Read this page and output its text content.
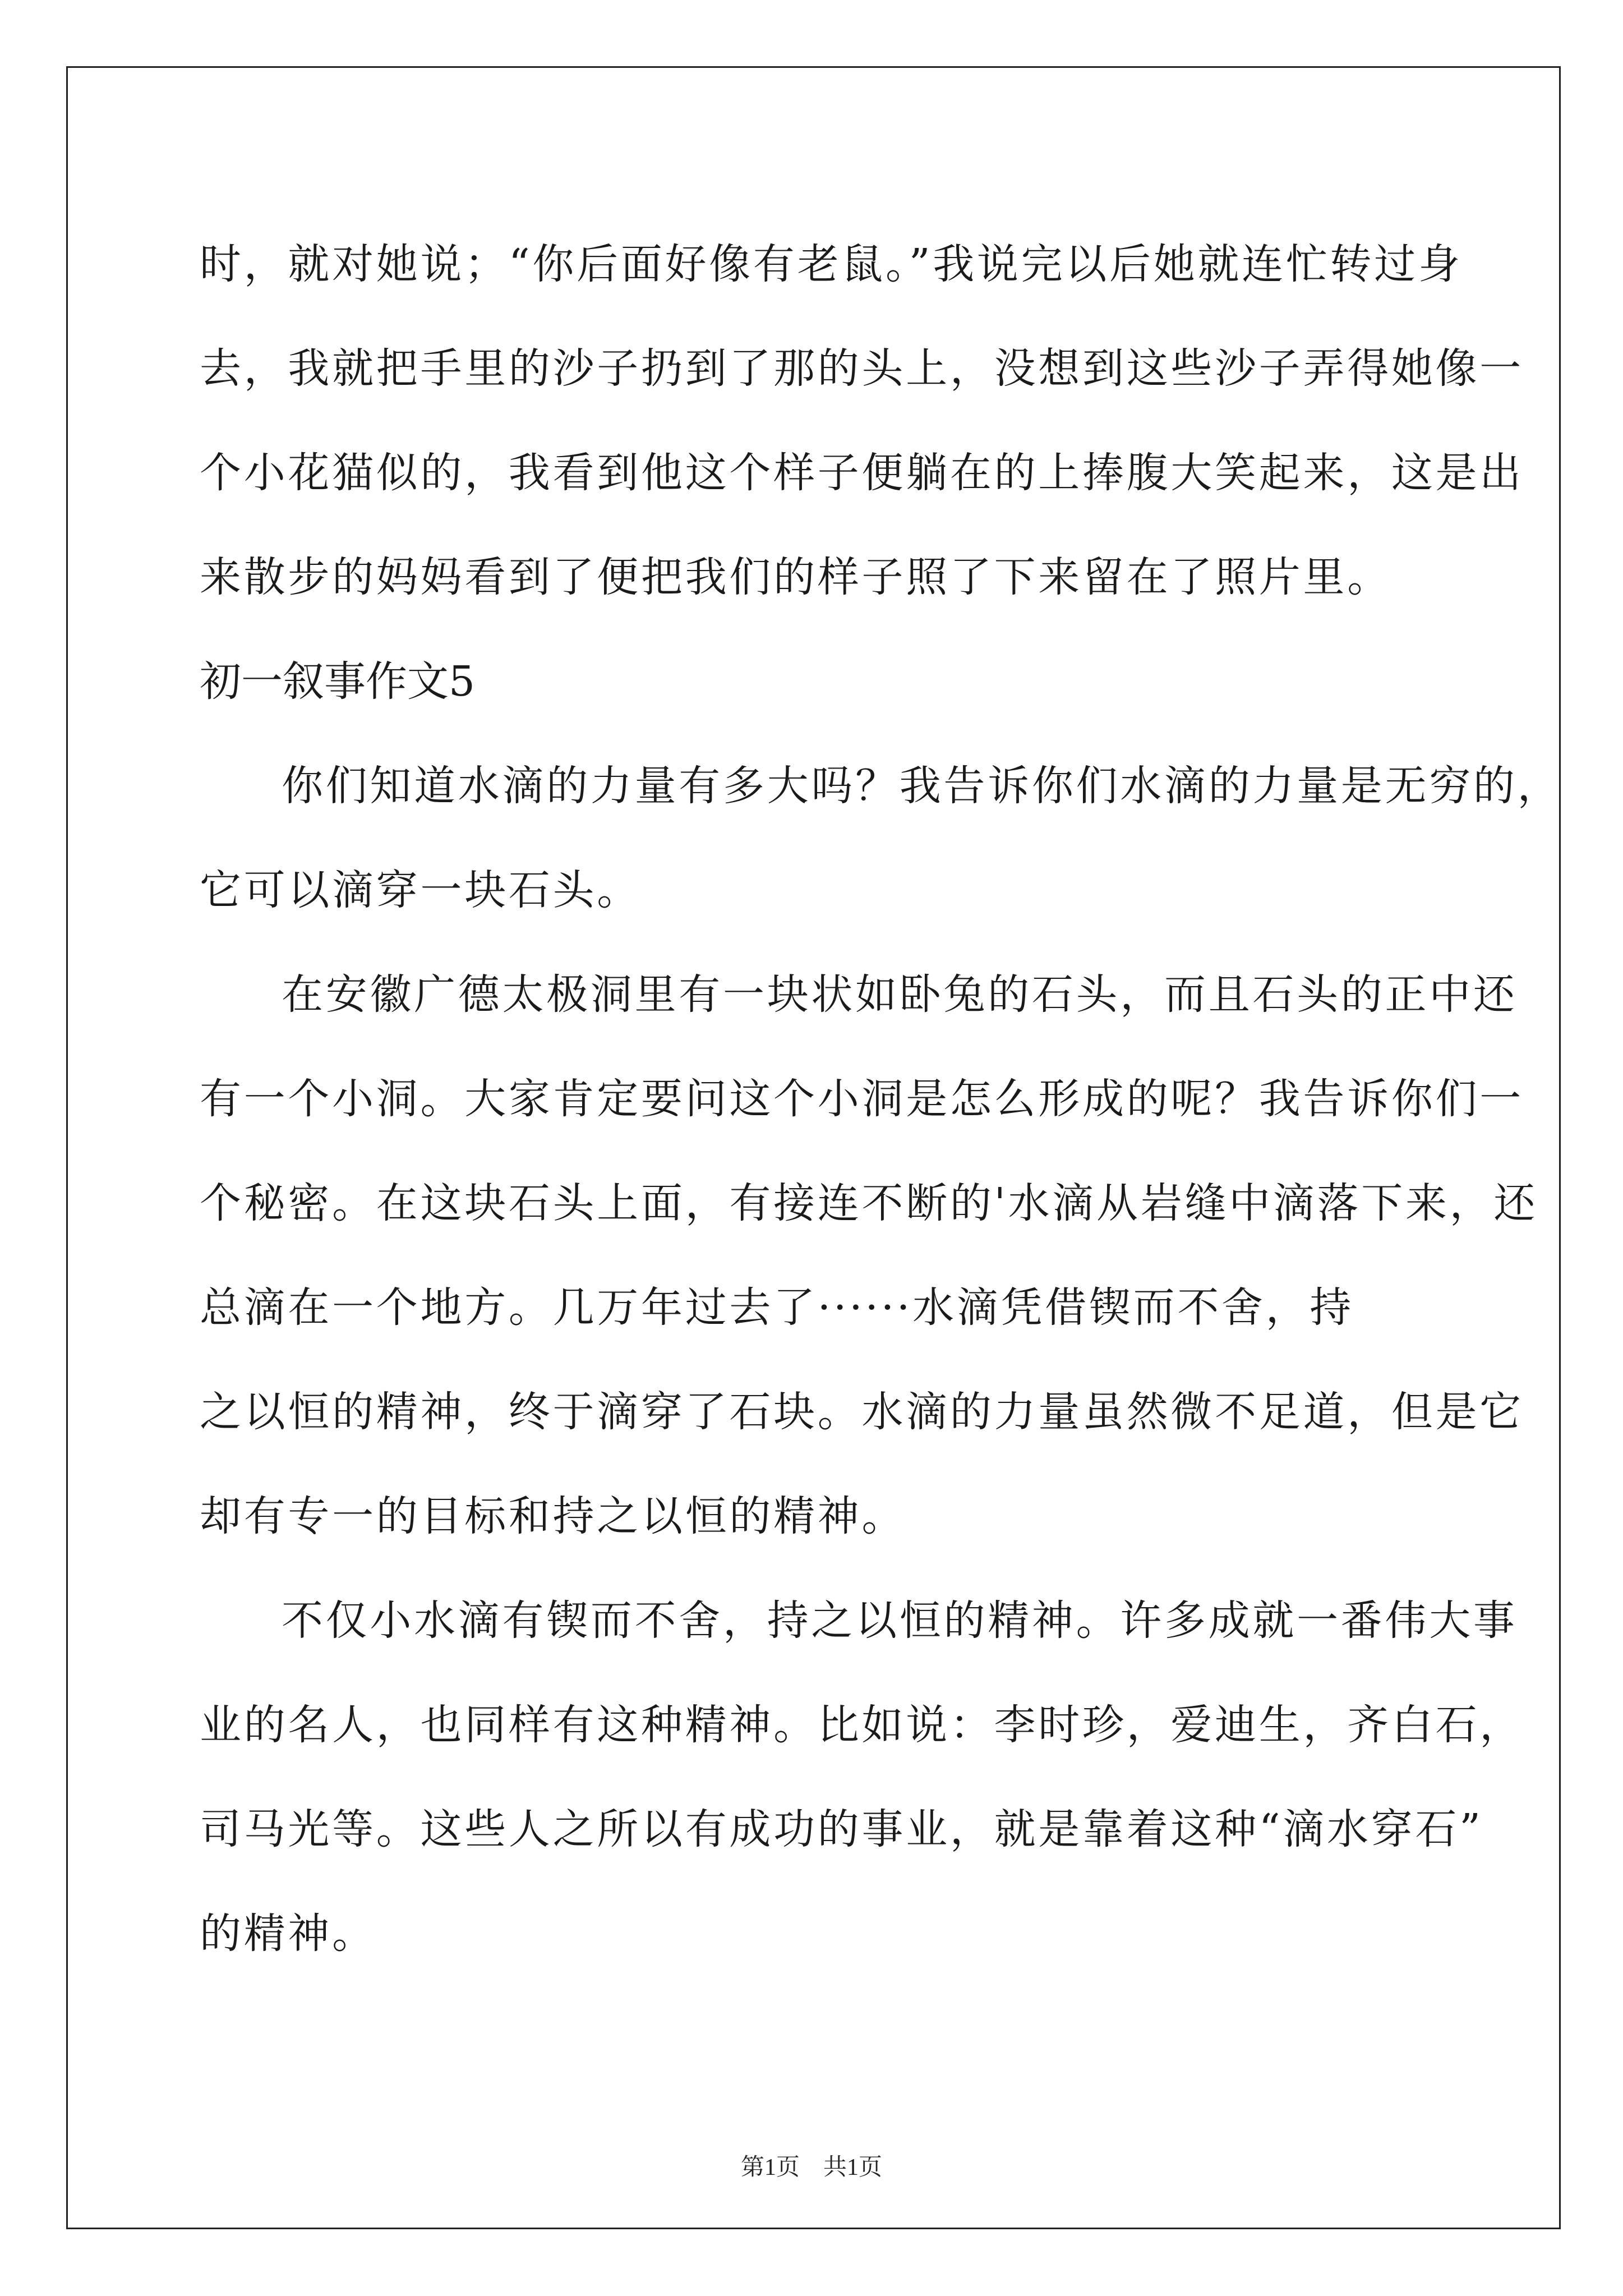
时，就对她说；“你后面好像有老鼠。”我说完以后她就连忙转过身
去，我就把手里的沙子扔到了那的头上，没想到这些沙子弄得她像一
个小花猫似的，我看到他这个样子便躺在的上捧腹大笑起来，这是出
来散步的妈妈看到了便把我们的样子照了下来留在了照片里。
初一叙事作文5
你们知道水滴的力量有多大吗？我告诉你们水滴的力量是无穷的，
它可以滴穿一块石头。
在安徽广德太极洞里有一块状如卧兔的石头，而且石头的正中还
有一个小洞。大家肯定要问这个小洞是怎么形成的呢？我告诉你们一
个秘密。在这块石头上面，有接连不断的'水滴从岩缝中滴落下来，还
总滴在一个地方。几万年过去了······水滴凭借锲而不舍，持
之以恒的精神，终于滴穿了石块。水滴的力量虽然微不足道，但是它
却有专一的目标和持之以恒的精神。
不仅小水滴有锲而不舍，持之以恒的精神。许多成就一番伟大事
业的名人，也同样有这种精神。比如说：李时珍，爱迪生，齐白石，
司马光等。这些人之所以有成功的事业，就是靠着这种“滴水穿石”
的精神。
第1页　共1页
